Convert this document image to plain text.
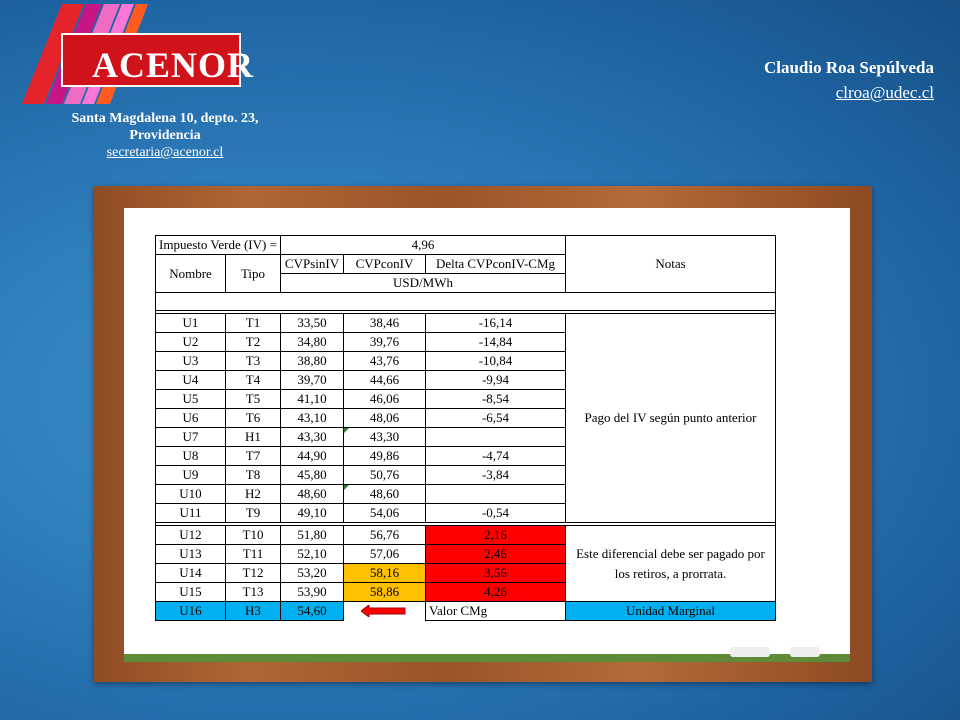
ACENOR
Santa Magdalena 10, depto. 23,
Providencia
secretaria@acenor.cl
Claudio Roa Sepúlveda
clroa@udec.cl
Impuesto Verde (IV) =		4,96			Notas
Nombre	Tipo	CVPsinIV	CVPconIV	Delta CVPconIV-CMg	
		USD/MWh			

U1	T1	33,50	38,46	-16,14	Pago del IV según punto anterior
U2	T2	34,80	39,76	-14,84	
U3	T3	38,80	43,76	-10,84	
U4	T4	39,70	44,66	-9,94	
U5	T5	41,10	46,06	-8,54	
U6	T6	43,10	48,06	-6,54	
U7	H1	43,30	43,30		
U8	T7	44,90	49,86	-4,74	
U9	T8	45,80	50,76	-3,84	
U10	H2	48,60	48,60		
U11	T9	49,10	54,06	-0,54	

U12	T10	51,80	56,76	2,16	Este diferencial debe ser pagado por
los retiros, a prorrata.

U13	T11	52,10	57,06	2,46	
U14	T12	53,20	58,16	3,56	
U15	T13	53,90	58,86	4,26	
U16	H3	54,60		Valor CMg	Unidad Marginal
